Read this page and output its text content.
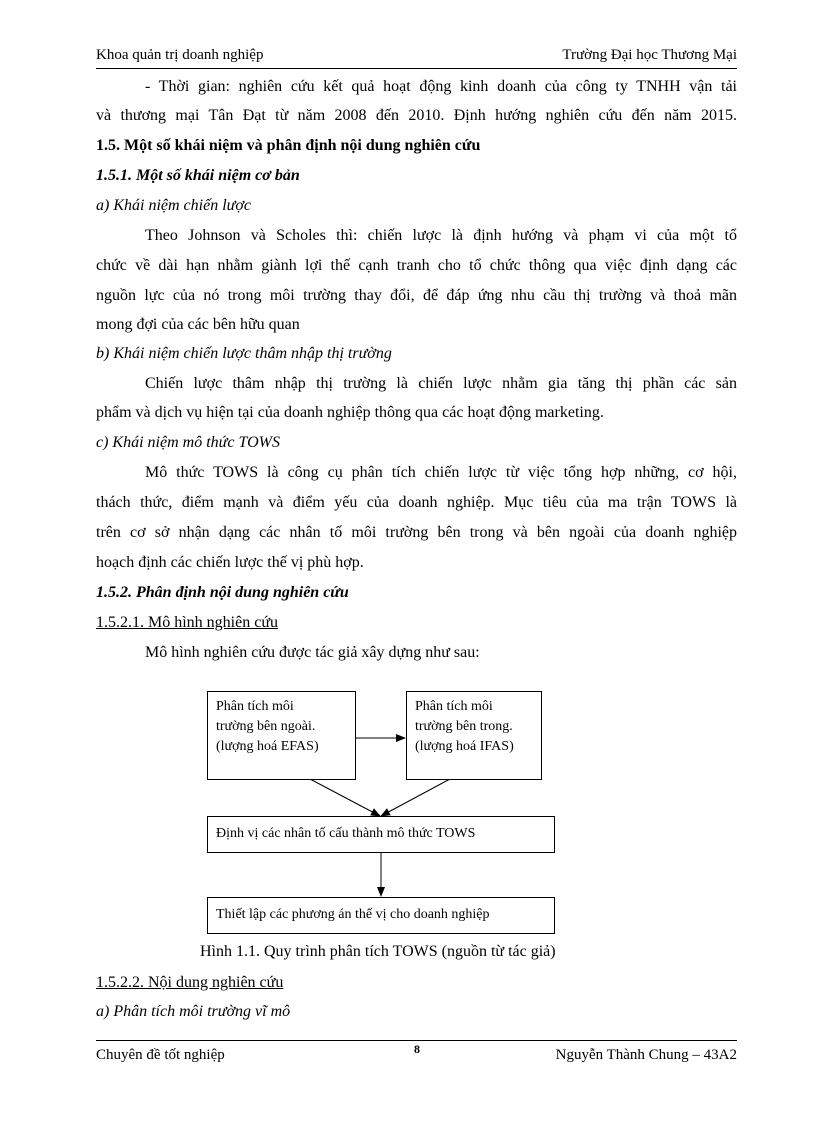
Khoa quản trị doanh nghiệp	Trường Đại học Thương Mại
- Thời gian: nghiên cứu kết quả hoạt động kinh doanh của công ty TNHH vận tải
và thương mại Tân Đạt từ năm 2008 đến 2010. Định hướng nghiên cứu đến năm 2015.
1.5. Một số khái niệm và phân định nội dung nghiên cứu
1.5.1. Một số khái niệm cơ bản
a) Khái niệm chiến lược
Theo Johnson và Scholes thì: chiến lược là định hướng và phạm vi của một tổ
chức về dài hạn nhằm giành lợi thế cạnh tranh cho tổ chức thông qua việc định dạng các
nguồn lực của nó trong môi trường thay đổi, để đáp ứng nhu cầu thị trường và thoả mãn
mong đợi của các bên hữu quan
b) Khái niệm chiến lược thâm nhập thị trường
Chiến lược thâm nhập thị trường là chiến lược nhằm gia tăng thị phần các sản
phẩm và dịch vụ hiện tại của doanh nghiệp thông qua các hoạt động marketing.
c) Khái niệm mô thức TOWS
Mô thức TOWS là công cụ phân tích chiến lược từ việc tổng hợp những, cơ hội,
thách thức, điểm mạnh và điểm yếu của doanh nghiệp. Mục tiêu của ma trận TOWS là
trên cơ sở nhận dạng các nhân tố môi trường bên trong và bên ngoài của doanh nghiệp
hoạch định các chiến lược thế vị phù hợp.
1.5.2. Phân định nội dung nghiên cứu
1.5.2.1. Mô hình nghiên cứu
Mô hình nghiên cứu được tác giả xây dựng như sau:
Phân tích môi
trường bên ngoài.
(lượng hoá EFAS)
Phân tích môi
trường bên trong.
(lượng hoá IFAS)
Định vị các nhân tố cấu thành mô thức TOWS
Thiết lập các phương án thế vị cho doanh nghiệp
Hình 1.1. Quy trình phân tích TOWS (nguồn từ tác giả)
1.5.2.2. Nội dung nghiên cứu
a) Phân tích môi trường vĩ mô
Chuyên đề tốt nghiệp	8	Nguyễn Thành Chung – 43A2
